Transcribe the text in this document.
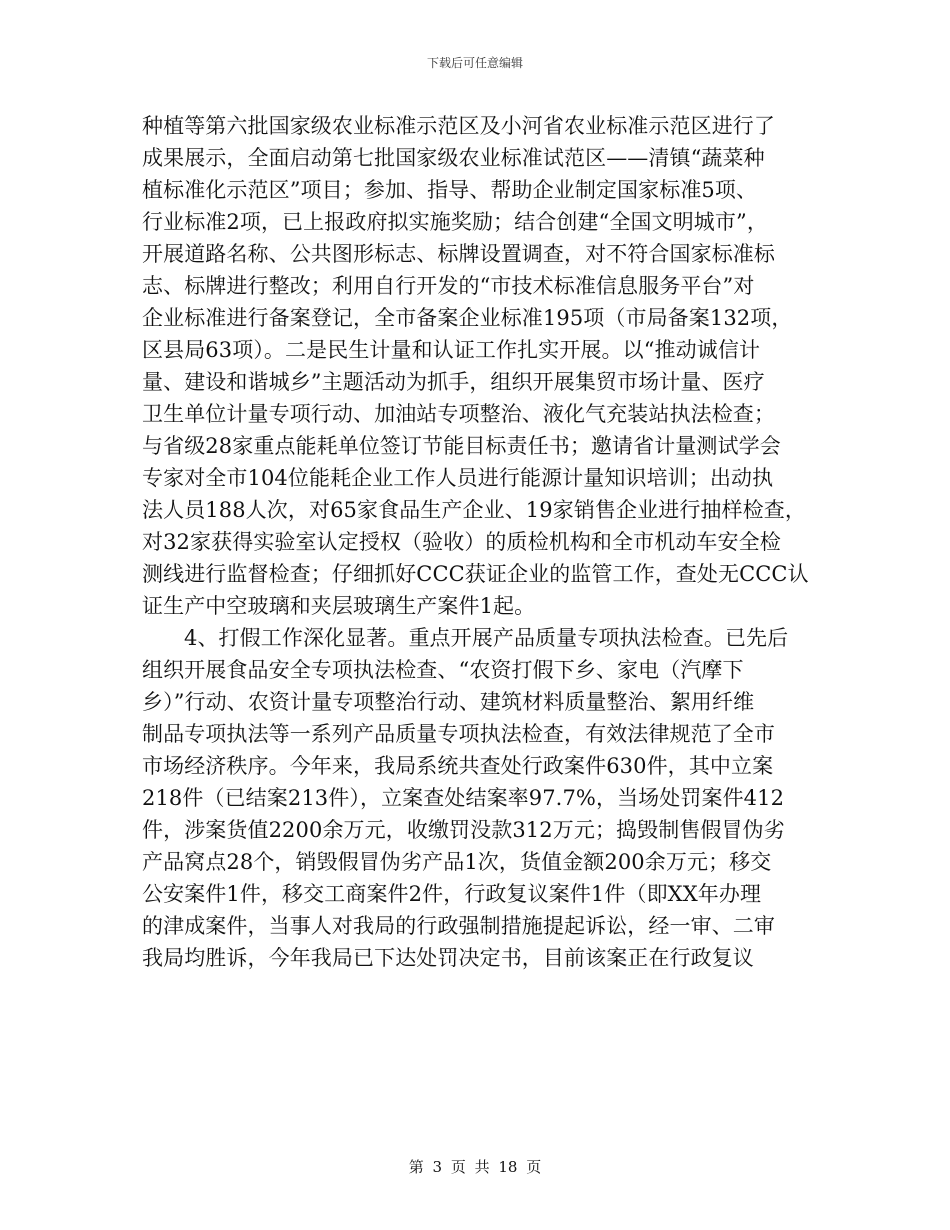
下载后可任意编辑
种植等第六批国家级农业标准示范区及小河省农业标准示范区进行了
成果展示，全面启动第七批国家级农业标准试范区——清镇“蔬菜种
植标准化示范区”项目；参加、指导、帮助企业制定国家标准5项、
行业标准2项，已上报政府拟实施奖励；结合创建“全国文明城市”，
开展道路名称、公共图形标志、标牌设置调查，对不符合国家标准标
志、标牌进行整改；利用自行开发的“市技术标准信息服务平台”对
企业标准进行备案登记，全市备案企业标准195项（市局备案132项，
区县局63项）。二是民生计量和认证工作扎实开展。以“推动诚信计
量、建设和谐城乡”主题活动为抓手，组织开展集贸市场计量、医疗
卫生单位计量专项行动、加油站专项整治、液化气充装站执法检查；
与省级28家重点能耗单位签订节能目标责任书；邀请省计量测试学会
专家对全市104位能耗企业工作人员进行能源计量知识培训；出动执
法人员188人次，对65家食品生产企业、19家销售企业进行抽样检查，
对32家获得实验室认定授权（验收）的质检机构和全市机动车安全检
测线进行监督检查；仔细抓好CCC获证企业的监管工作，查处无CCC认
证生产中空玻璃和夹层玻璃生产案件1起。
4、打假工作深化显著。重点开展产品质量专项执法检查。已先后
组织开展食品安全专项执法检查、“农资打假下乡、家电（汽摩下
乡）”行动、农资计量专项整治行动、建筑材料质量整治、絮用纤维
制品专项执法等一系列产品质量专项执法检查，有效法律规范了全市
市场经济秩序。今年来，我局系统共查处行政案件630件，其中立案
218件（已结案213件），立案查处结案率97.7%，当场处罚案件412
件，涉案货值2200余万元，收缴罚没款312万元；捣毁制售假冒伪劣
产品窝点28个，销毁假冒伪劣产品1次，货值金额200余万元；移交
公安案件1件，移交工商案件2件，行政复议案件1件（即XX年办理
的津成案件，当事人对我局的行政强制措施提起诉讼，经一审、二审
我局均胜诉，今年我局已下达处罚决定书，目前该案正在行政复议
第 3 页 共 18 页
